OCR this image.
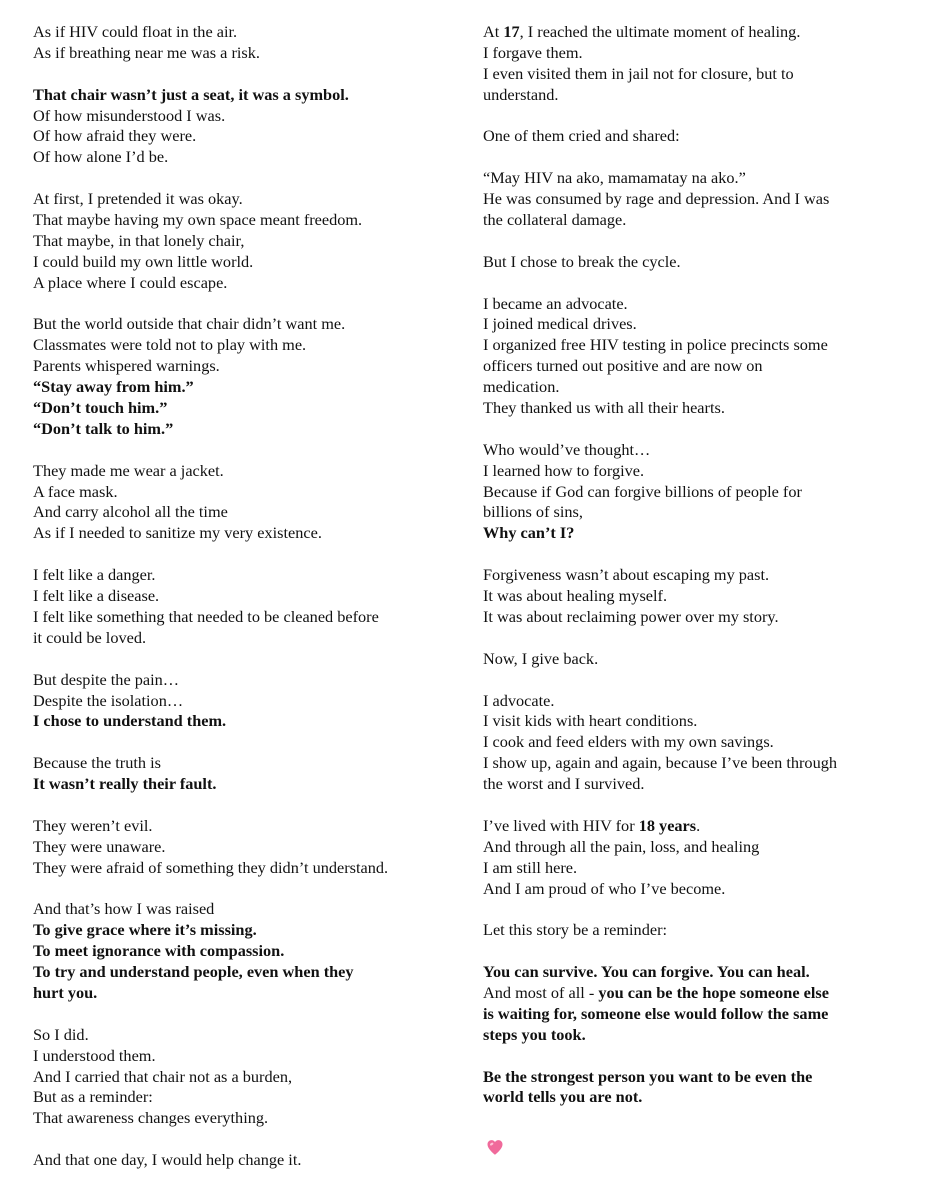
As if HIV could float in the air.
As if breathing near me was a risk.
That chair wasn’t just a seat, it was a symbol.
Of how misunderstood I was.
Of how afraid they were.
Of how alone I’d be.
At first, I pretended it was okay.
That maybe having my own space meant freedom.
That maybe, in that lonely chair,
I could build my own little world.
A place where I could escape.
But the world outside that chair didn’t want me.
Classmates were told not to play with me.
Parents whispered warnings.
“Stay away from him.”
“Don’t touch him.”
“Don’t talk to him.”
They made me wear a jacket.
A face mask.
And carry alcohol all the time
As if I needed to sanitize my very existence.
I felt like a danger.
I felt like a disease.
I felt like something that needed to be cleaned before
it could be loved.
But despite the pain…
Despite the isolation…
I chose to understand them.
Because the truth is
It wasn’t really their fault.
They weren’t evil.
They were unaware.
They were afraid of something they didn’t understand.
And that’s how I was raised
To give grace where it’s missing.
To meet ignorance with compassion.
To try and understand people, even when they
hurt you.
So I did.
I understood them.
And I carried that chair not as a burden,
But as a reminder:
That awareness changes everything.
And that one day, I would help change it.
At 17, I reached the ultimate moment of healing.
I forgave them.
I even visited them in jail not for closure, but to
understand.
One of them cried and shared:
“May HIV na ako, mamamatay na ako.”
He was consumed by rage and depression. And I was
the collateral damage.
But I chose to break the cycle.
I became an advocate.
I joined medical drives.
I organized free HIV testing in police precincts some
officers turned out positive and are now on
medication.
They thanked us with all their hearts.
Who would’ve thought…
I learned how to forgive.
Because if God can forgive billions of people for
billions of sins,
Why can’t I?
Forgiveness wasn’t about escaping my past.
It was about healing myself.
It was about reclaiming power over my story.
Now, I give back.
I advocate.
I visit kids with heart conditions.
I cook and feed elders with my own savings.
I show up, again and again, because I’ve been through
the worst and I survived.
I’ve lived with HIV for 18 years.
And through all the pain, loss, and healing
I am still here.
And I am proud of who I’ve become.
Let this story be a reminder:
You can survive. You can forgive. You can heal.
And most of all - you can be the hope someone else
is waiting for, someone else would follow the same
steps you took.
Be the strongest person you want to be even the
world tells you are not.
